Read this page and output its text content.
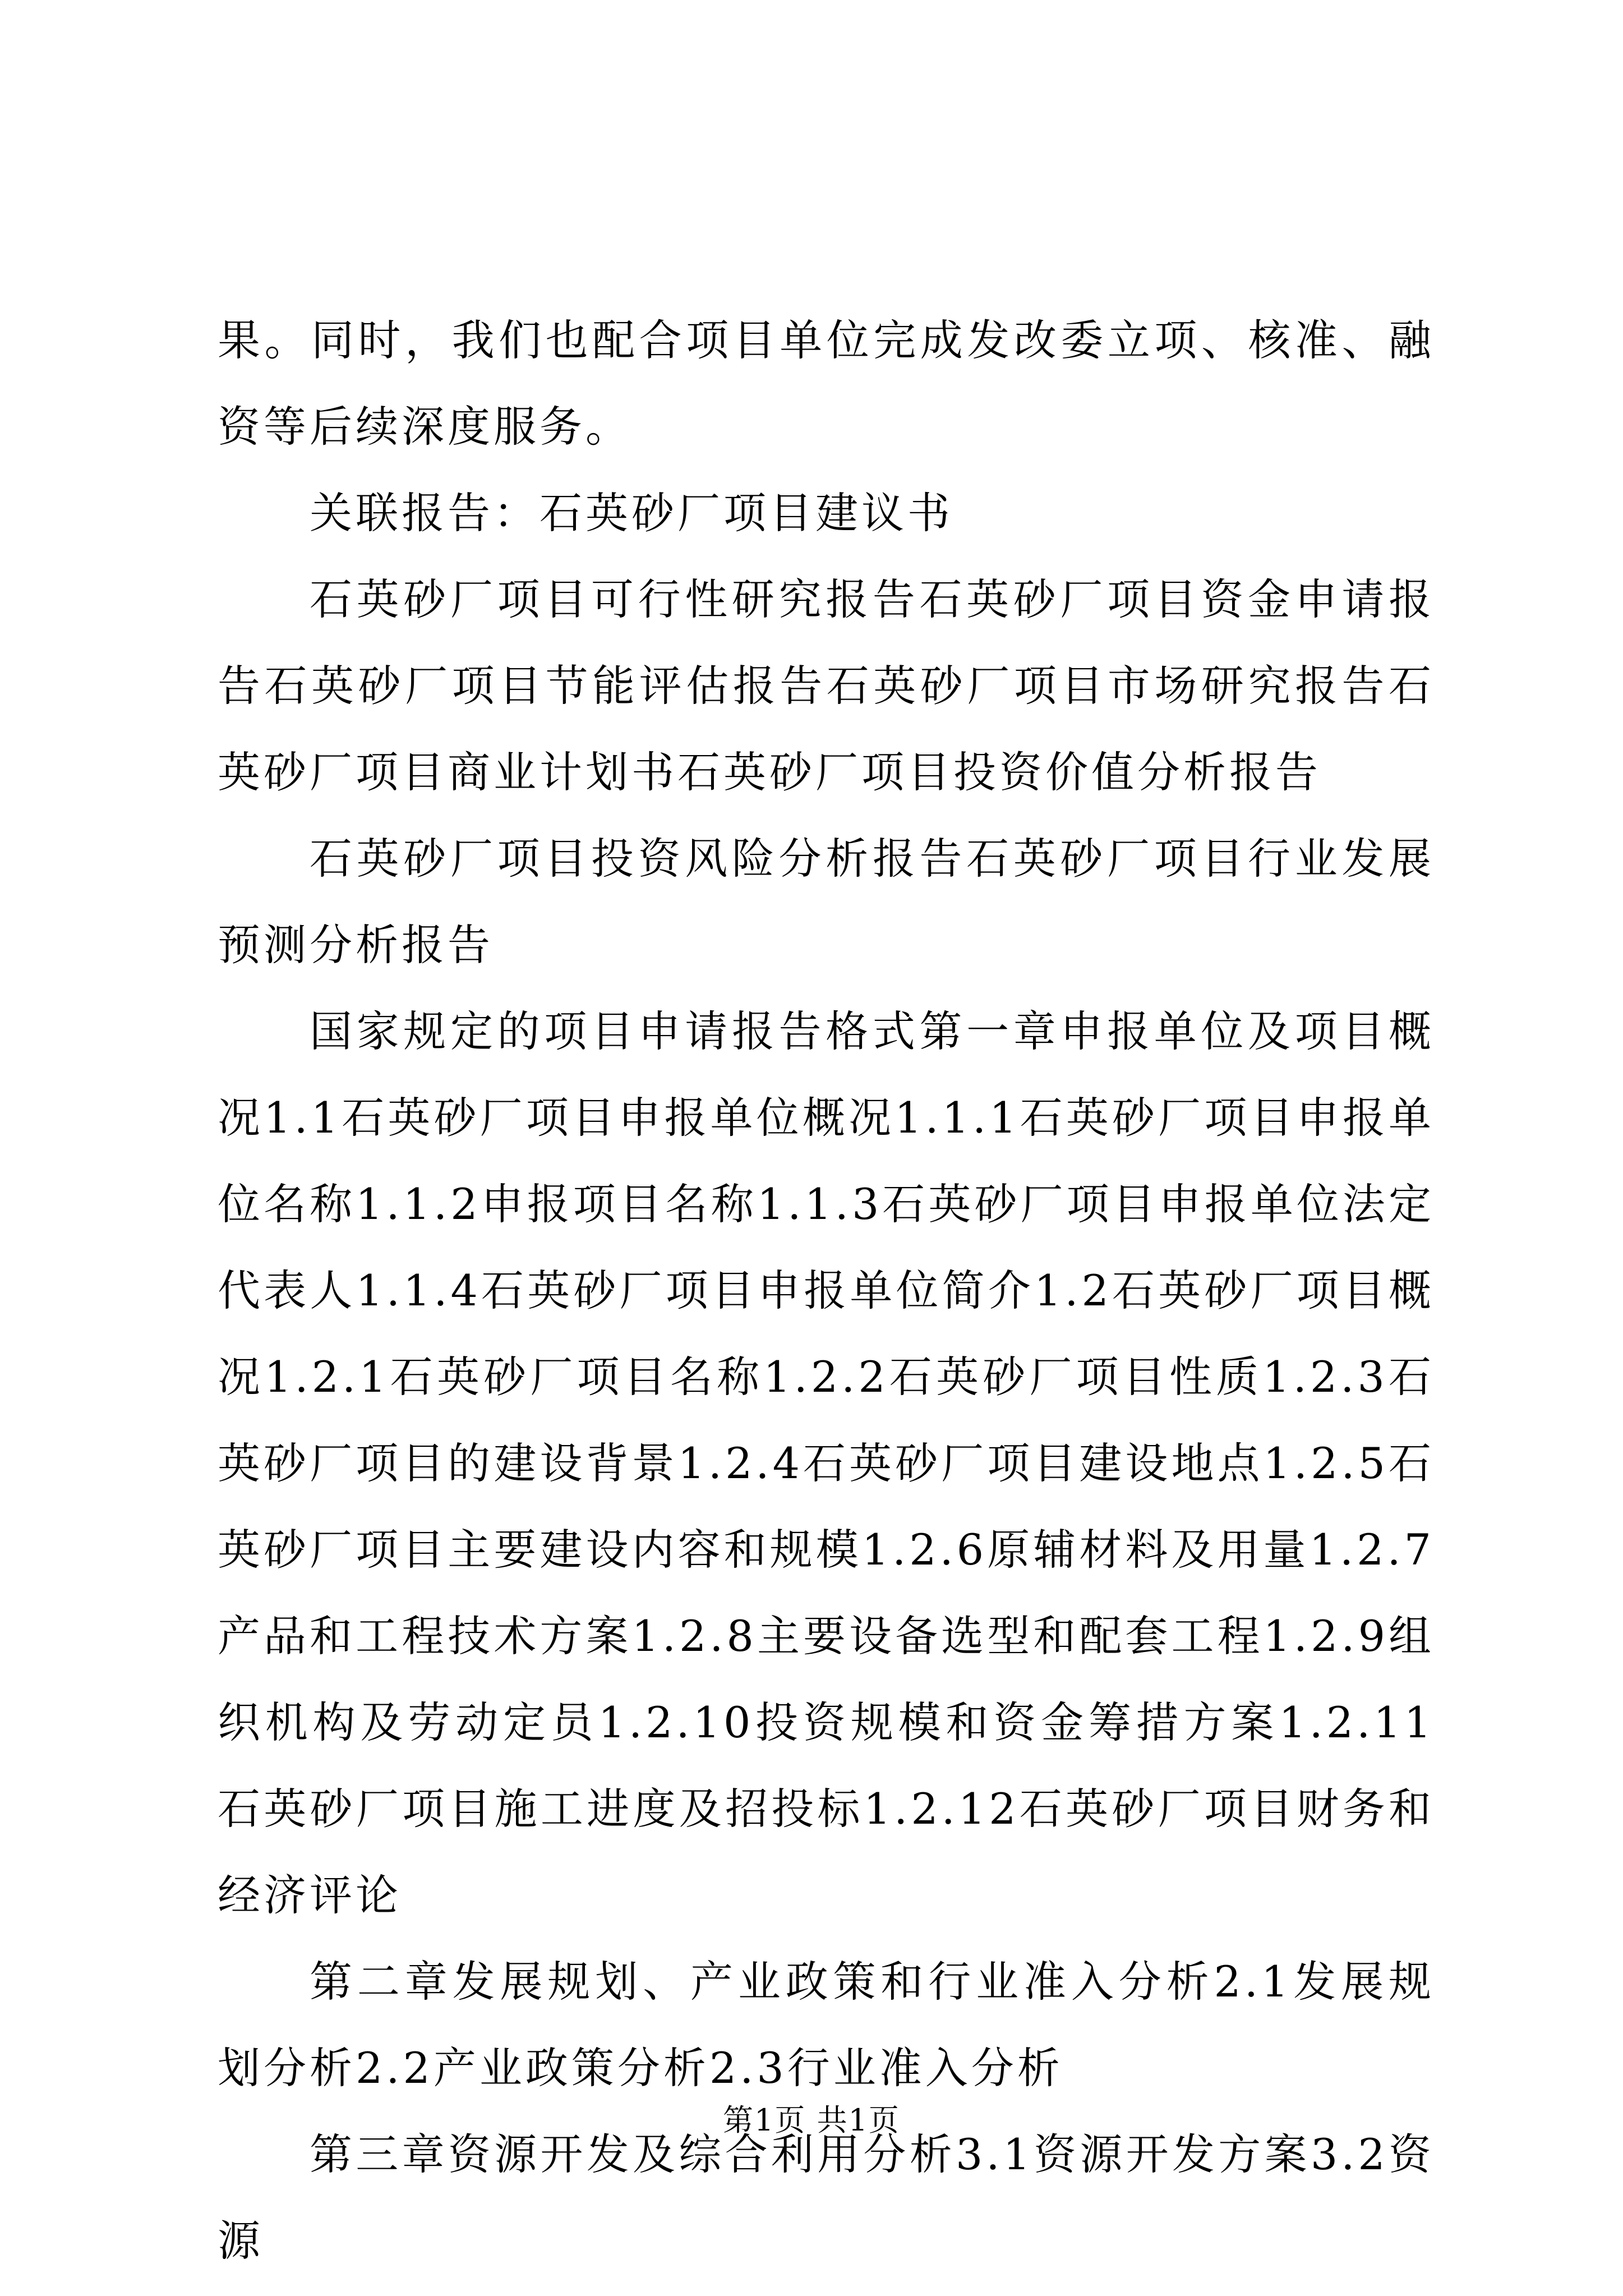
果。同时，我们也配合项目单位完成发改委立项、核准、融资等后续深度服务。

关联报告：石英砂厂项目建议书

石英砂厂项目可行性研究报告石英砂厂项目资金申请报告石英砂厂项目节能评估报告石英砂厂项目市场研究报告石英砂厂项目商业计划书石英砂厂项目投资价值分析报告

石英砂厂项目投资风险分析报告石英砂厂项目行业发展预测分析报告

国家规定的项目申请报告格式第一章申报单位及项目概况1.1石英砂厂项目申报单位概况1.1.1石英砂厂项目申报单位名称1.1.2申报项目名称1.1.3石英砂厂项目申报单位法定代表人1.1.4石英砂厂项目申报单位简介1.2石英砂厂项目概况1.2.1石英砂厂项目名称1.2.2石英砂厂项目性质1.2.3石英砂厂项目的建设背景1.2.4石英砂厂项目建设地点1.2.5石英砂厂项目主要建设内容和规模1.2.6原辅材料及用量1.2.7产品和工程技术方案1.2.8主要设备选型和配套工程1.2.9组织机构及劳动定员1.2.10投资规模和资金筹措方案1.2.11石英砂厂项目施工进度及招投标1.2.12石英砂厂项目财务和经济评论

第二章发展规划、产业政策和行业准入分析2.1发展规划分析2.2产业政策分析2.3行业准入分析

第三章资源开发及综合利用分析3.1资源开发方案3.2资源

第1页 共1页
